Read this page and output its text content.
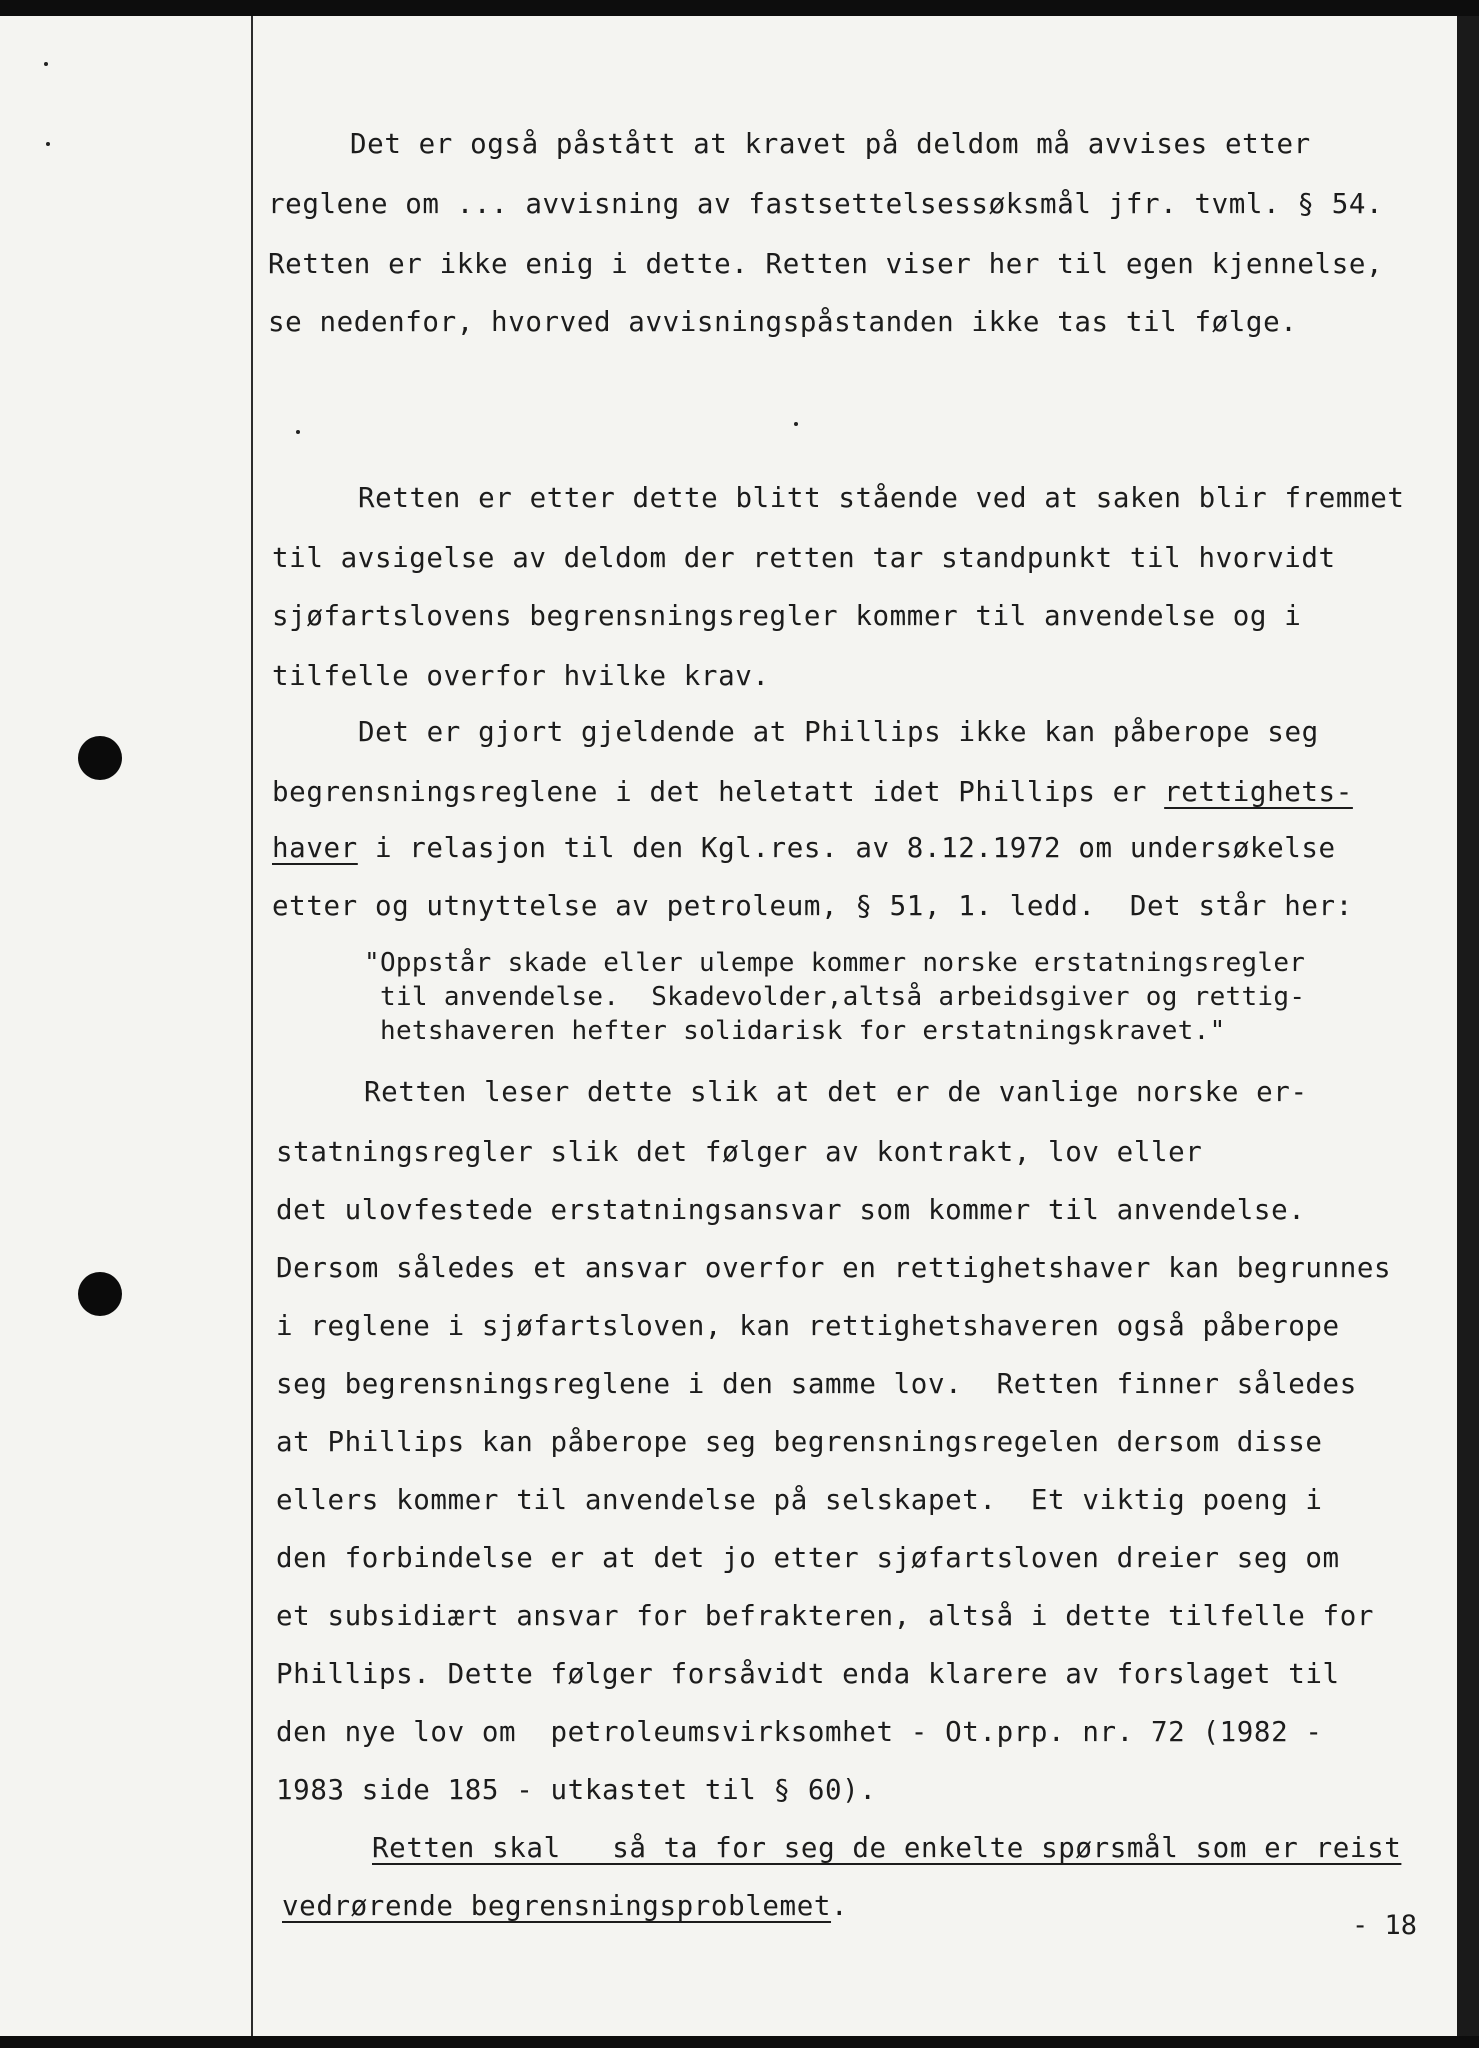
Det er også påstått at kravet på deldom må avvises etter
reglene om ... avvisning av fastsettelsessøksmål jfr. tvml. § 54.
Retten er ikke enig i dette. Retten viser her til egen kjennelse,
se nedenfor, hvorved avvisningspåstanden ikke tas til følge.
Retten er etter dette blitt stående ved at saken blir fremmet
til avsigelse av deldom der retten tar standpunkt til hvorvidt
sjøfartslovens begrensningsregler kommer til anvendelse og i
tilfelle overfor hvilke krav.
Det er gjort gjeldende at Phillips ikke kan påberope seg
begrensningsreglene i det heletatt idet Phillips er rettighets-
haver i relasjon til den Kgl.res. av 8.12.1972 om undersøkelse
etter og utnyttelse av petroleum, § 51, 1. ledd.  Det står her:
"Oppstår skade eller ulempe kommer norske erstatningsregler
til anvendelse.  Skadevolder,altså arbeidsgiver og rettig-
hetshaveren hefter solidarisk for erstatningskravet."
Retten leser dette slik at det er de vanlige norske er-
statningsregler slik det følger av kontrakt, lov eller
det ulovfestede erstatningsansvar som kommer til anvendelse.
Dersom således et ansvar overfor en rettighetshaver kan begrunnes
i reglene i sjøfartsloven, kan rettighetshaveren også påberope
seg begrensningsreglene i den samme lov.  Retten finner således
at Phillips kan påberope seg begrensningsregelen dersom disse
ellers kommer til anvendelse på selskapet.  Et viktig poeng i
den forbindelse er at det jo etter sjøfartsloven dreier seg om
et subsidiært ansvar for befrakteren, altså i dette tilfelle for
Phillips. Dette følger forsåvidt enda klarere av forslaget til
den nye lov om  petroleumsvirksomhet - Ot.prp. nr. 72 (1982 -
1983 side 185 - utkastet til § 60).
Retten skal   så ta for seg de enkelte spørsmål som er reist
vedrørende begrensningsproblemet.
- 18
